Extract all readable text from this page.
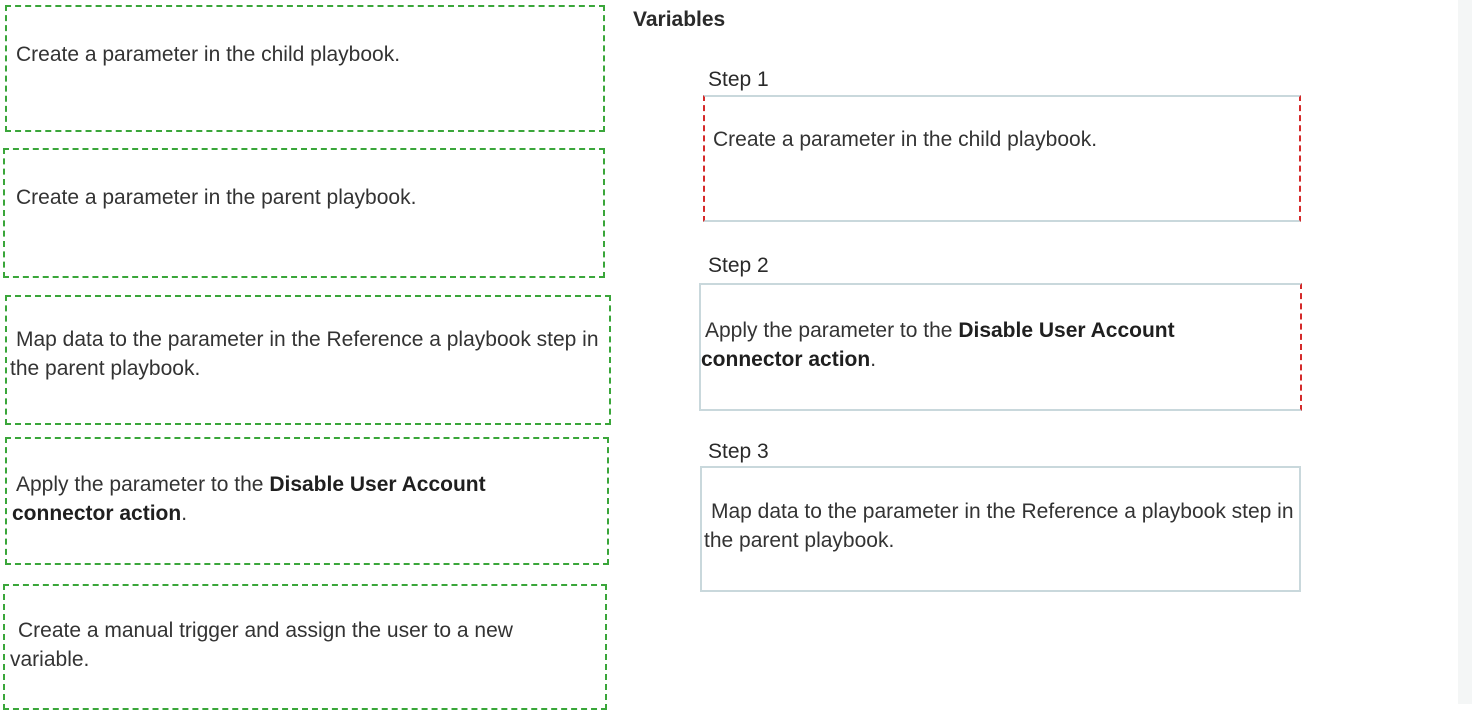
Create a parameter in the child playbook.
Create a parameter in the parent playbook.
Map data to the parameter in the Reference a playbook step in the parent playbook.
Apply the parameter to the Disable User Account connector action.
Create a manual trigger and assign the user to a new variable.
Variables
Step 1
Create a parameter in the child playbook.
Step 2
Apply the parameter to the Disable User Account connector action.
Step 3
Map data to the parameter in the Reference a playbook step in the parent playbook.
